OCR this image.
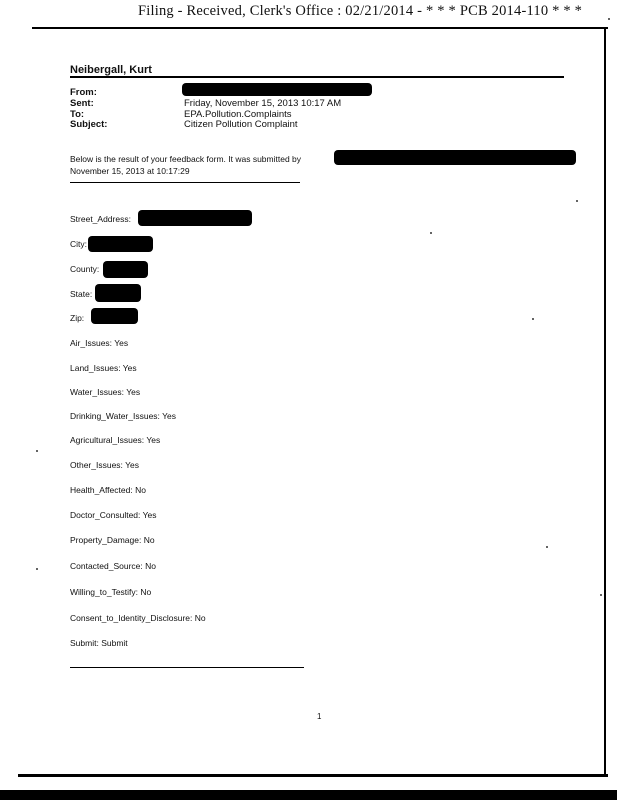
Filing - Received, Clerk's Office : 02/21/2014 - * * * PCB 2014-110 * * *
Neibergall, Kurt
From:
Sent:	Friday, November 15, 2013 10:17 AM
To:	EPA.Pollution.Complaints
Subject:	Citizen Pollution Complaint
Below is the result of your feedback form. It was submitted by
November 15, 2013 at 10:17:29
Street_Address:
City:
County:
State:
Zip:
Air_Issues: Yes
Land_Issues: Yes
Water_Issues: Yes
Drinking_Water_Issues: Yes
Agricultural_Issues: Yes
Other_Issues: Yes
Health_Affected: No
Doctor_Consulted: Yes
Property_Damage: No
Contacted_Source: No
Willing_to_Testify: No
Consent_to_Identity_Disclosure: No
Submit: Submit
1
